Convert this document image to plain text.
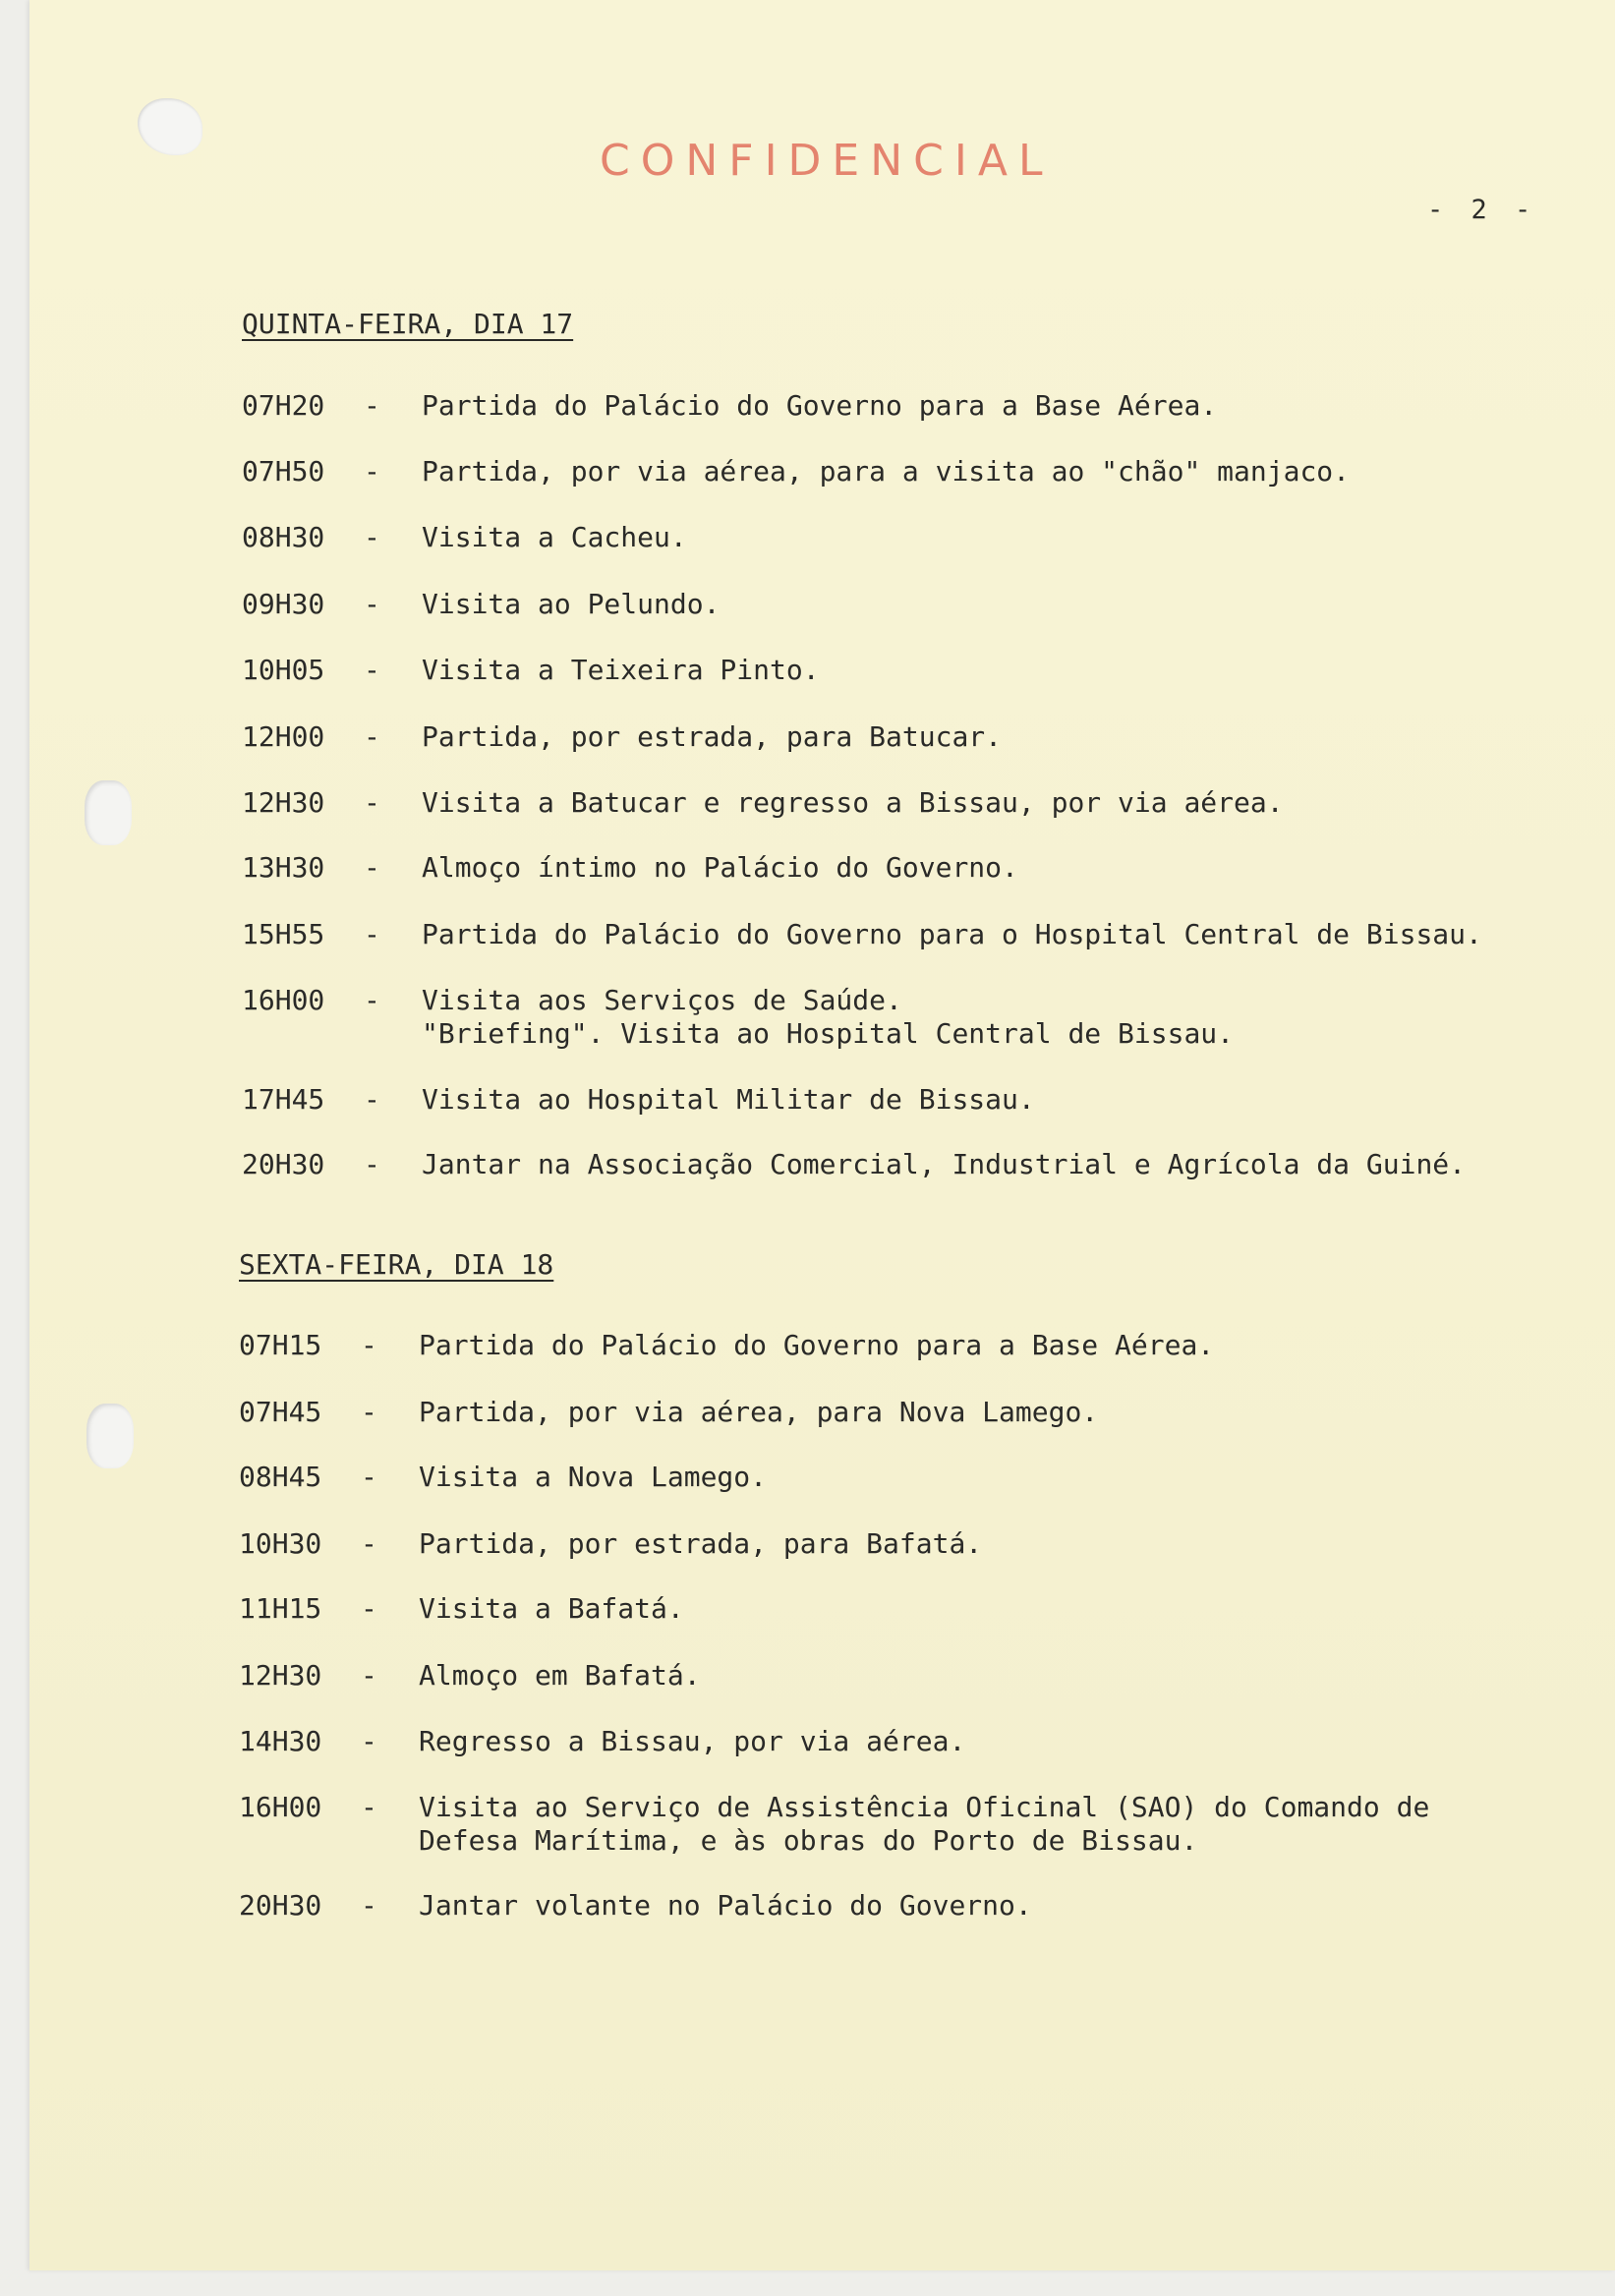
CONFIDENCIAL
- 2 -
QUINTA-FEIRA, DIA 17
07H20 - Partida do Palácio do Governo para a Base Aérea.
07H50 - Partida, por via aérea, para a visita ao "chão" manjaco.
08H30 - Visita a Cacheu.
09H30 - Visita ao Pelundo.
10H05 - Visita a Teixeira Pinto.
12H00 - Partida, por estrada, para Batucar.
12H30 - Visita a Batucar e regresso a Bissau, por via aérea.
13H30 - Almoço íntimo no Palácio do Governo.
15H55 - Partida do Palácio do Governo para o Hospital Central de Bissau.
16H00 - Visita aos Serviços de Saúde.
"Briefing". Visita ao Hospital Central de Bissau.
17H45 - Visita ao Hospital Militar de Bissau.
20H30 - Jantar na Associação Comercial, Industrial e Agrícola da Guiné.
SEXTA-FEIRA, DIA 18
07H15 - Partida do Palácio do Governo para a Base Aérea.
07H45 - Partida, por via aérea, para Nova Lamego.
08H45 - Visita a Nova Lamego.
10H30 - Partida, por estrada, para Bafatá.
11H15 - Visita a Bafatá.
12H30 - Almoço em Bafatá.
14H30 - Regresso a Bissau, por via aérea.
16H00 - Visita ao Serviço de Assistência Oficinal (SAO) do Comando de
Defesa Marítima, e às obras do Porto de Bissau.
20H30 - Jantar volante no Palácio do Governo.
